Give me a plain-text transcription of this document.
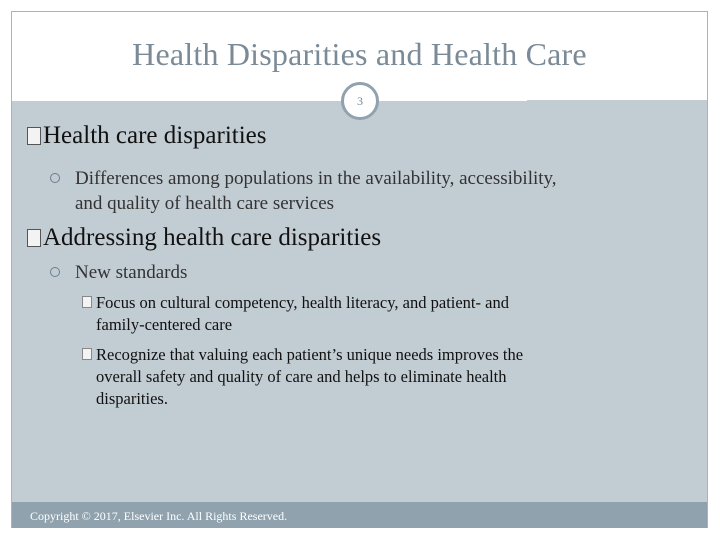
Health Disparities and Health Care
3
Health care disparities
Differences among populations in the availability, accessibility,
and quality of health care services
Addressing health care disparities
New standards
Focus on cultural competency, health literacy, and patient- and
family-centered care
Recognize that valuing each patient’s unique needs improves the
overall safety and quality of care and helps to eliminate health
disparities.
Copyright © 2017, Elsevier Inc. All Rights Reserved.
